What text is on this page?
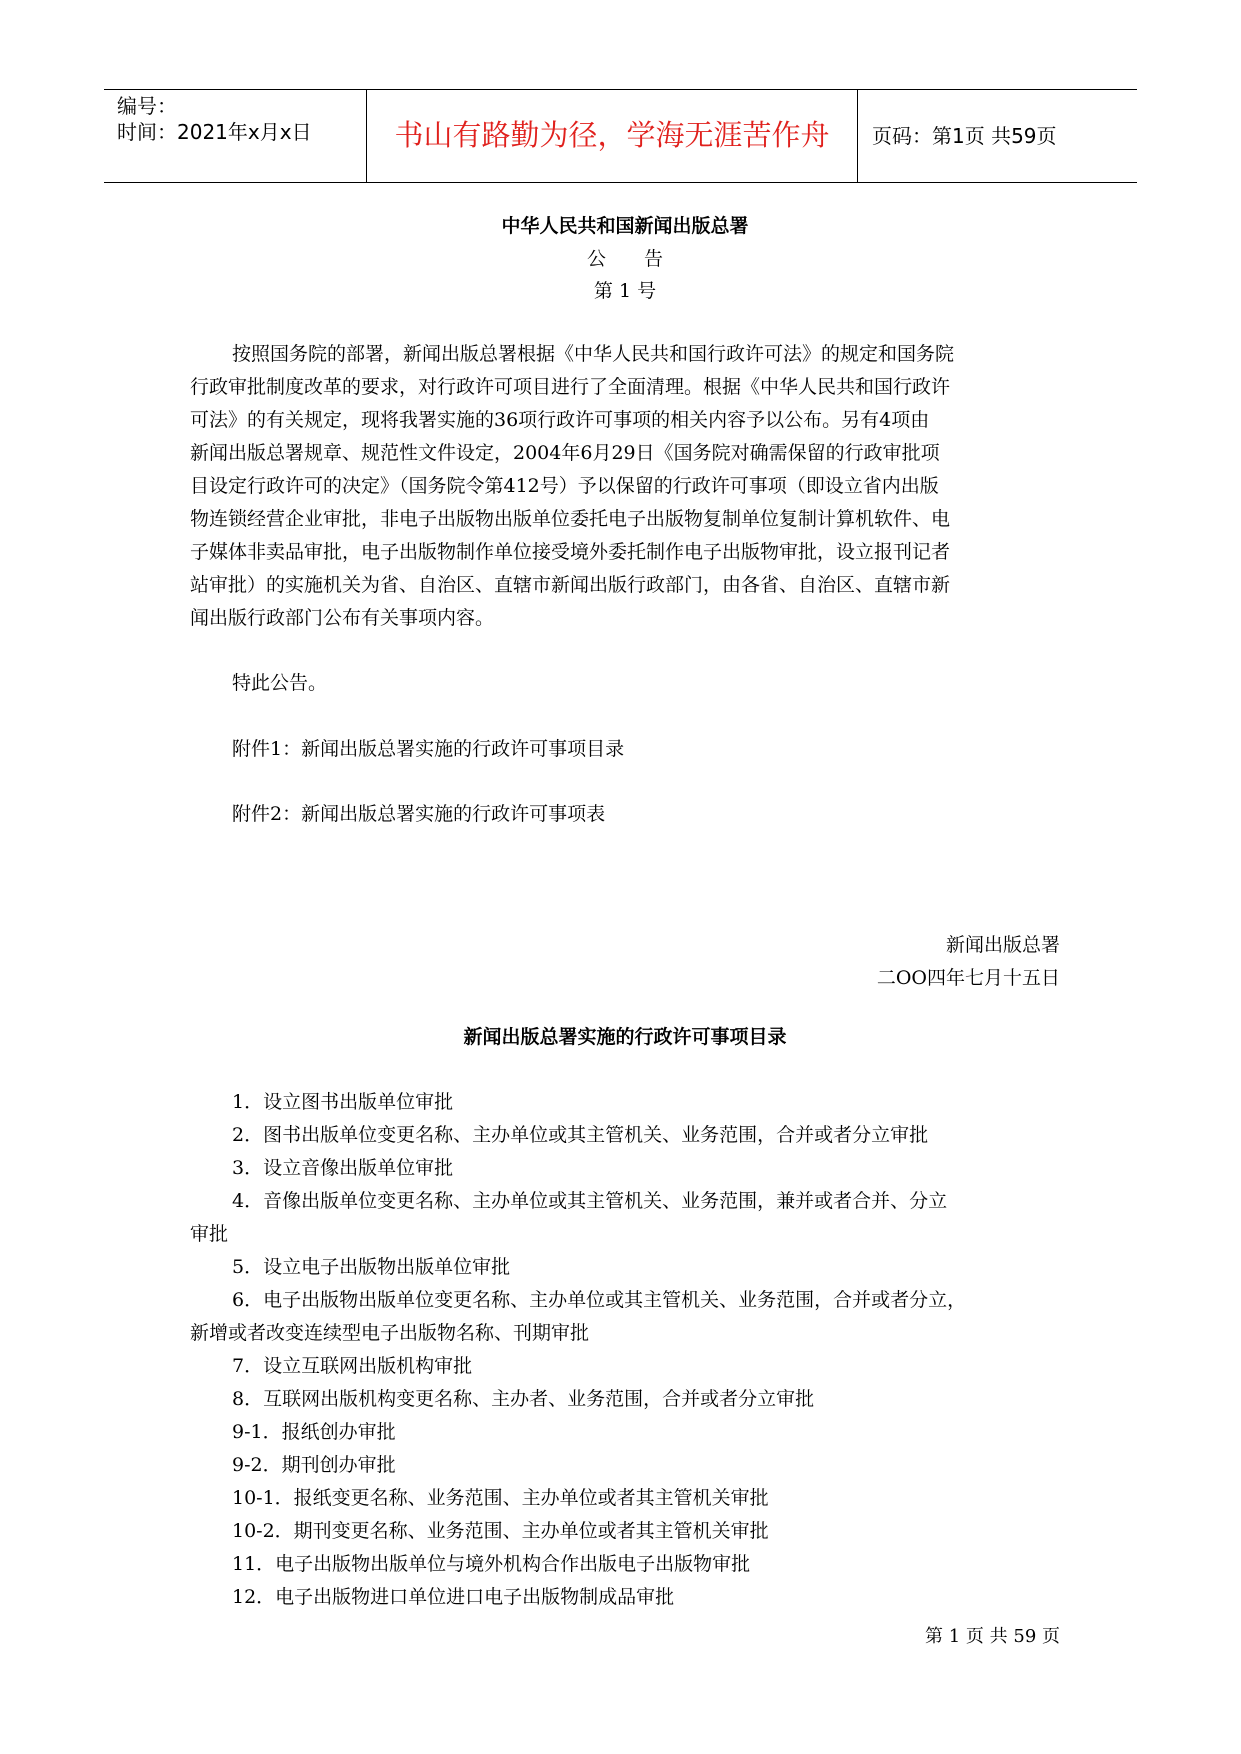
编号：
时间：2021年x月x日	书山有路勤为径，学海无涯苦作舟	页码：第1页 共59页
中华人民共和国新闻出版总署
公　　告
第 1 号
按照国务院的部署，新闻出版总署根据《中华人民共和国行政许可法》的规定和国务院
行政审批制度改革的要求，对行政许可项目进行了全面清理。根据《中华人民共和国行政许
可法》的有关规定，现将我署实施的36项行政许可事项的相关内容予以公布。另有4项由
新闻出版总署规章、规范性文件设定，2004年6月29日《国务院对确需保留的行政审批项
目设定行政许可的决定》（国务院令第412号）予以保留的行政许可事项（即设立省内出版
物连锁经营企业审批，非电子出版物出版单位委托电子出版物复制单位复制计算机软件、电
子媒体非卖品审批，电子出版物制作单位接受境外委托制作电子出版物审批，设立报刊记者
站审批）的实施机关为省、自治区、直辖市新闻出版行政部门，由各省、自治区、直辖市新
闻出版行政部门公布有关事项内容。
特此公告。
附件1：新闻出版总署实施的行政许可事项目录
附件2：新闻出版总署实施的行政许可事项表
新闻出版总署
二OO四年七月十五日
新闻出版总署实施的行政许可事项目录
1．设立图书出版单位审批
2．图书出版单位变更名称、主办单位或其主管机关、业务范围，合并或者分立审批
3．设立音像出版单位审批
4．音像出版单位变更名称、主办单位或其主管机关、业务范围，兼并或者合并、分立
审批
5．设立电子出版物出版单位审批
6．电子出版物出版单位变更名称、主办单位或其主管机关、业务范围，合并或者分立，
新增或者改变连续型电子出版物名称、刊期审批
7．设立互联网出版机构审批
8．互联网出版机构变更名称、主办者、业务范围，合并或者分立审批
9-1．报纸创办审批
9-2．期刊创办审批
10-1．报纸变更名称、业务范围、主办单位或者其主管机关审批
10-2．期刊变更名称、业务范围、主办单位或者其主管机关审批
11．电子出版物出版单位与境外机构合作出版电子出版物审批
12．电子出版物进口单位进口电子出版物制成品审批
第 1 页 共 59 页
